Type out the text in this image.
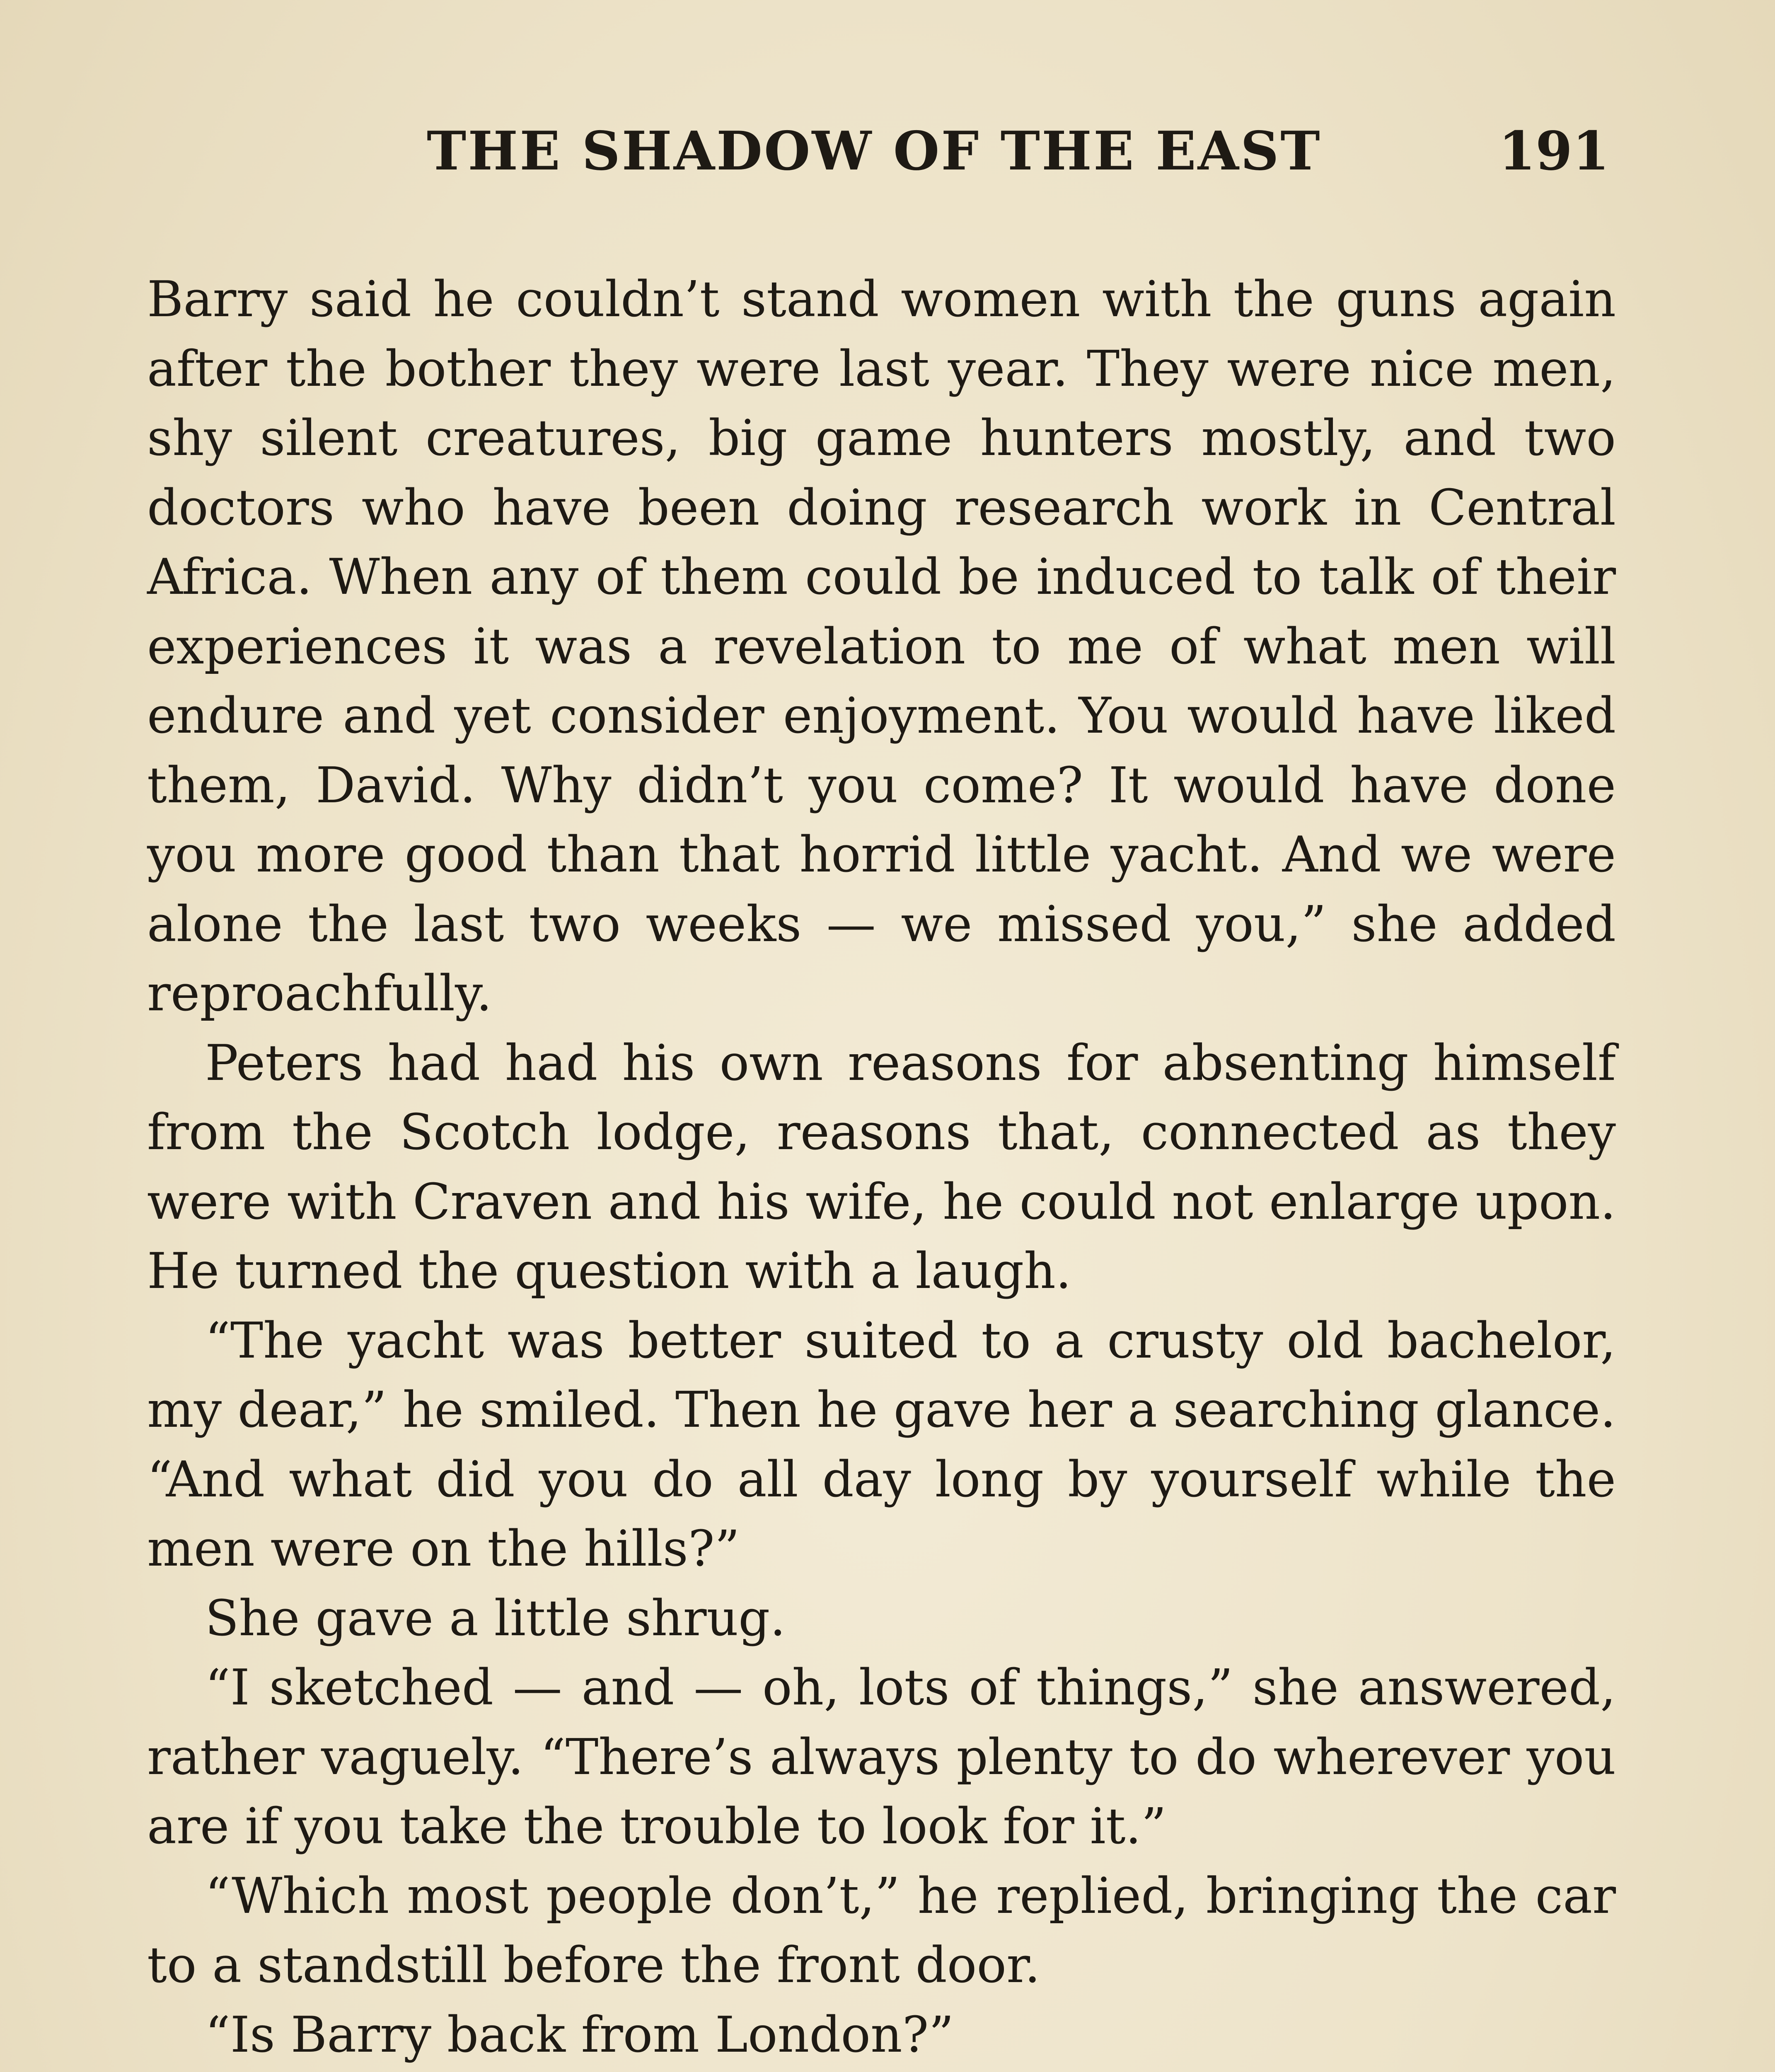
THE SHADOW OF THE EAST	191

Barry said he couldn’t stand women with the guns again after the bother they were last year. They were nice men, shy silent creatures, big game hunters mostly, and two doctors who have been doing research work in Central Africa. When any of them could be induced to talk of their experiences it was a revelation to me of what men will endure and yet consider enjoyment. You would have liked them, David. Why didn’t you come? It would have done you more good than that horrid little yacht. And we were alone the last two weeks — we missed you,” she added reproachfully.

Peters had had his own reasons for absenting himself from the Scotch lodge, reasons that, connected as they were with Craven and his wife, he could not enlarge upon. He turned the question with a laugh.

“The yacht was better suited to a crusty old bachelor, my dear,” he smiled. Then he gave her a searching glance. “And what did you do all day long by yourself while the men were on the hills?”

She gave a little shrug.

“I sketched — and — oh, lots of things,” she answered, rather vaguely. “There’s always plenty to do wherever you are if you take the trouble to look for it.”

“Which most people don’t,” he replied, bringing the car to a standstill before the front door.

“Is Barry back from London?”
